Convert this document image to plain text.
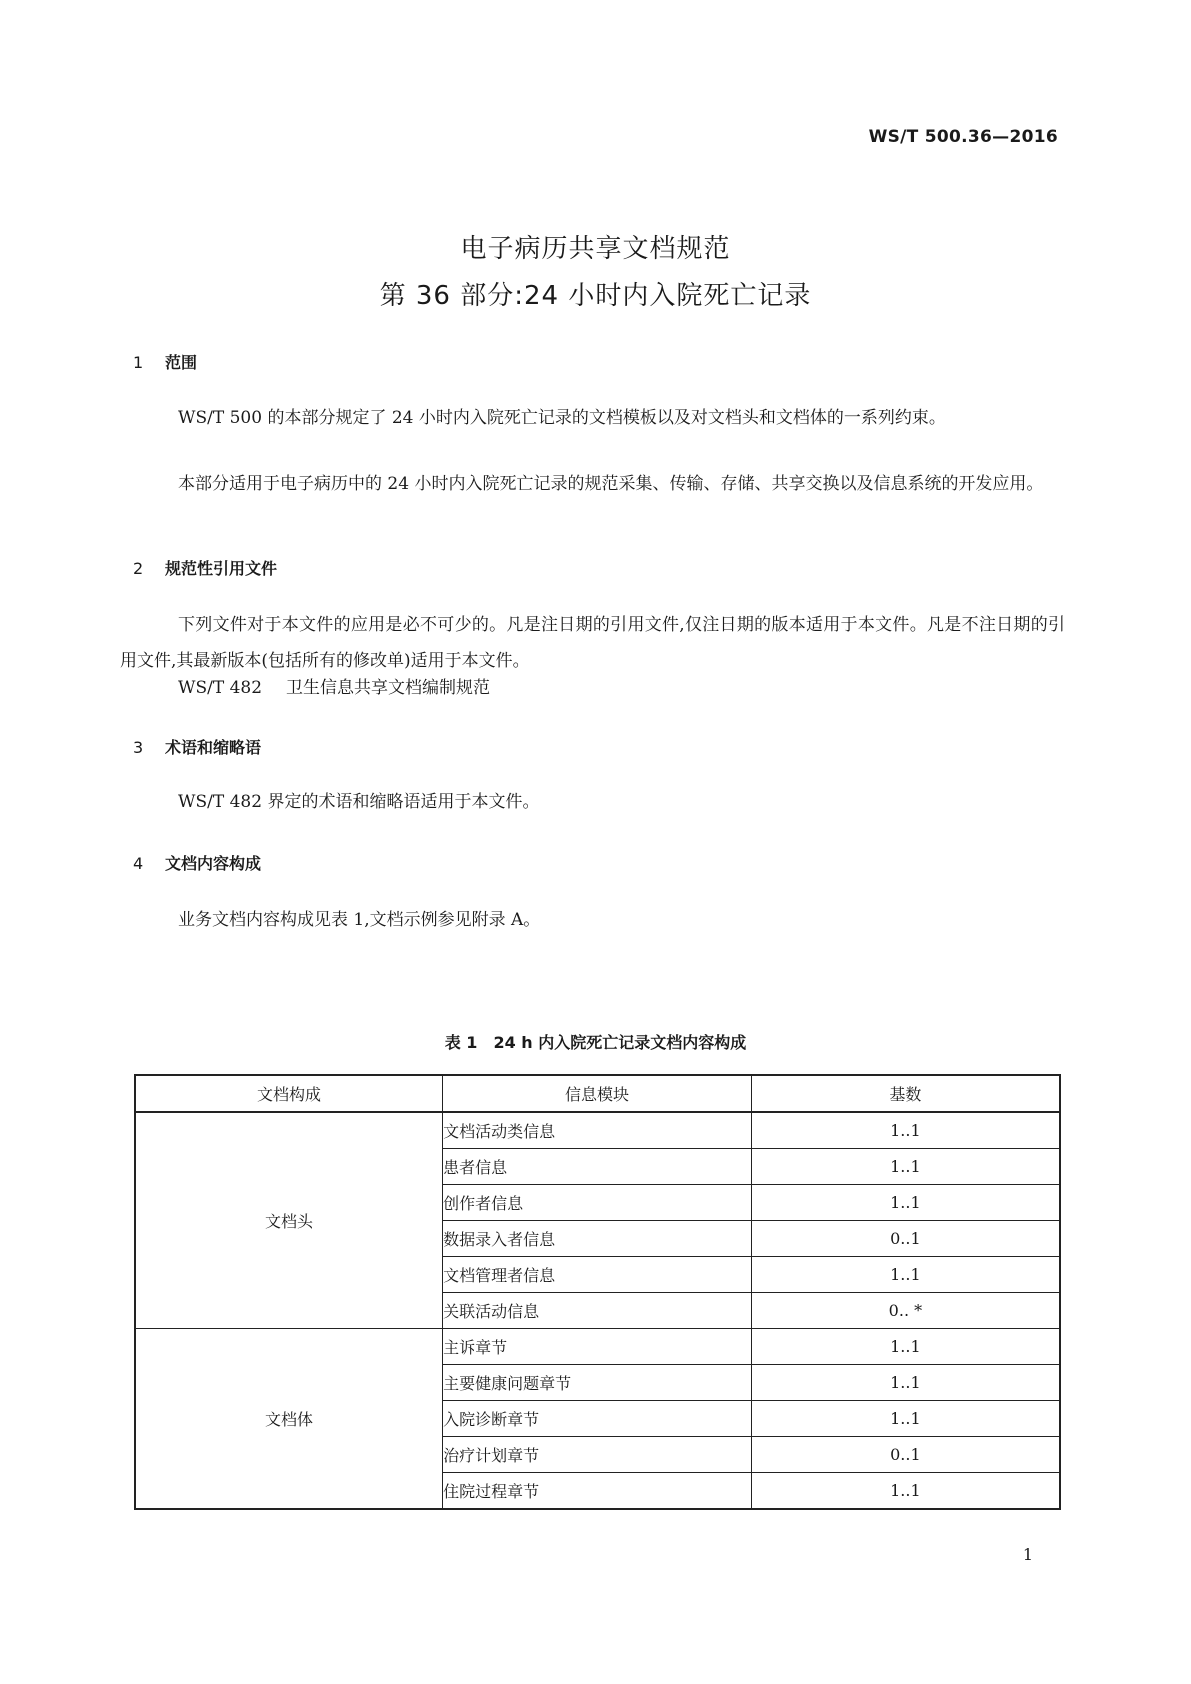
WS/T 500.36—2016
电子病历共享文档规范
第 36 部分:24 小时内入院死亡记录
1 范围
WS/T 500 的本部分规定了 24 小时内入院死亡记录的文档模板以及对文档头和文档体的一系列约束。
本部分适用于电子病历中的 24 小时内入院死亡记录的规范采集、传输、存储、共享交换以及信息系统的开发应用。
2 规范性引用文件
下列文件对于本文件的应用是必不可少的。凡是注日期的引用文件,仅注日期的版本适用于本文件。凡是不注日期的引用文件,其最新版本(包括所有的修改单)适用于本文件。
WS/T 482 卫生信息共享文档编制规范
3 术语和缩略语
WS/T 482 界定的术语和缩略语适用于本文件。
4 文档内容构成
业务文档内容构成见表 1,文档示例参见附录 A。
表 1　24 h 内入院死亡记录文档内容构成
文档构成	信息模块	基数
文档头	文档活动类信息	1..1
	患者信息	1..1
	创作者信息	1..1
	数据录入者信息	0..1
	文档管理者信息	1..1
	关联活动信息	0.. *
文档体	主诉章节	1..1
	主要健康问题章节	1..1
	入院诊断章节	1..1
	治疗计划章节	0..1
	住院过程章节	1..1
1
